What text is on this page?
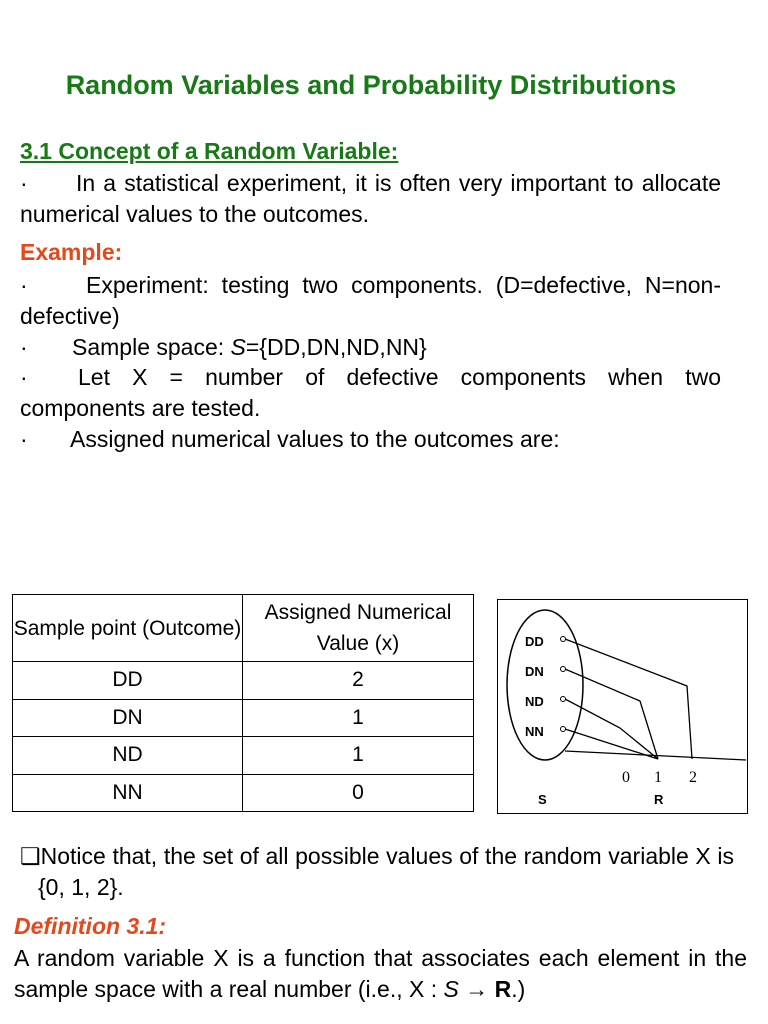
Random Variables and Probability Distributions
3.1 Concept of a Random Variable:
· In a statistical experiment, it is often very important to allocate numerical values to the outcomes.
Example:
·	Experiment: testing two components. (D=defective, N=non-defective)
· Sample space: S={DD,DN,ND,NN}
· Let X = number of defective components when two components are tested.
· Assigned numerical values to the outcomes are:
Sample point (Outcome)	Assigned Numerical Value (x)
DD	2
DN	1
ND	1
NN	0
DD
DN
ND
NN
0 1 2
S	R
❑Notice that, the set of all possible values of the random variable X is {0, 1, 2}.
Definition 3.1:
A random variable X is a function that associates each element in the sample space with a real number (i.e., X : S → R.)
